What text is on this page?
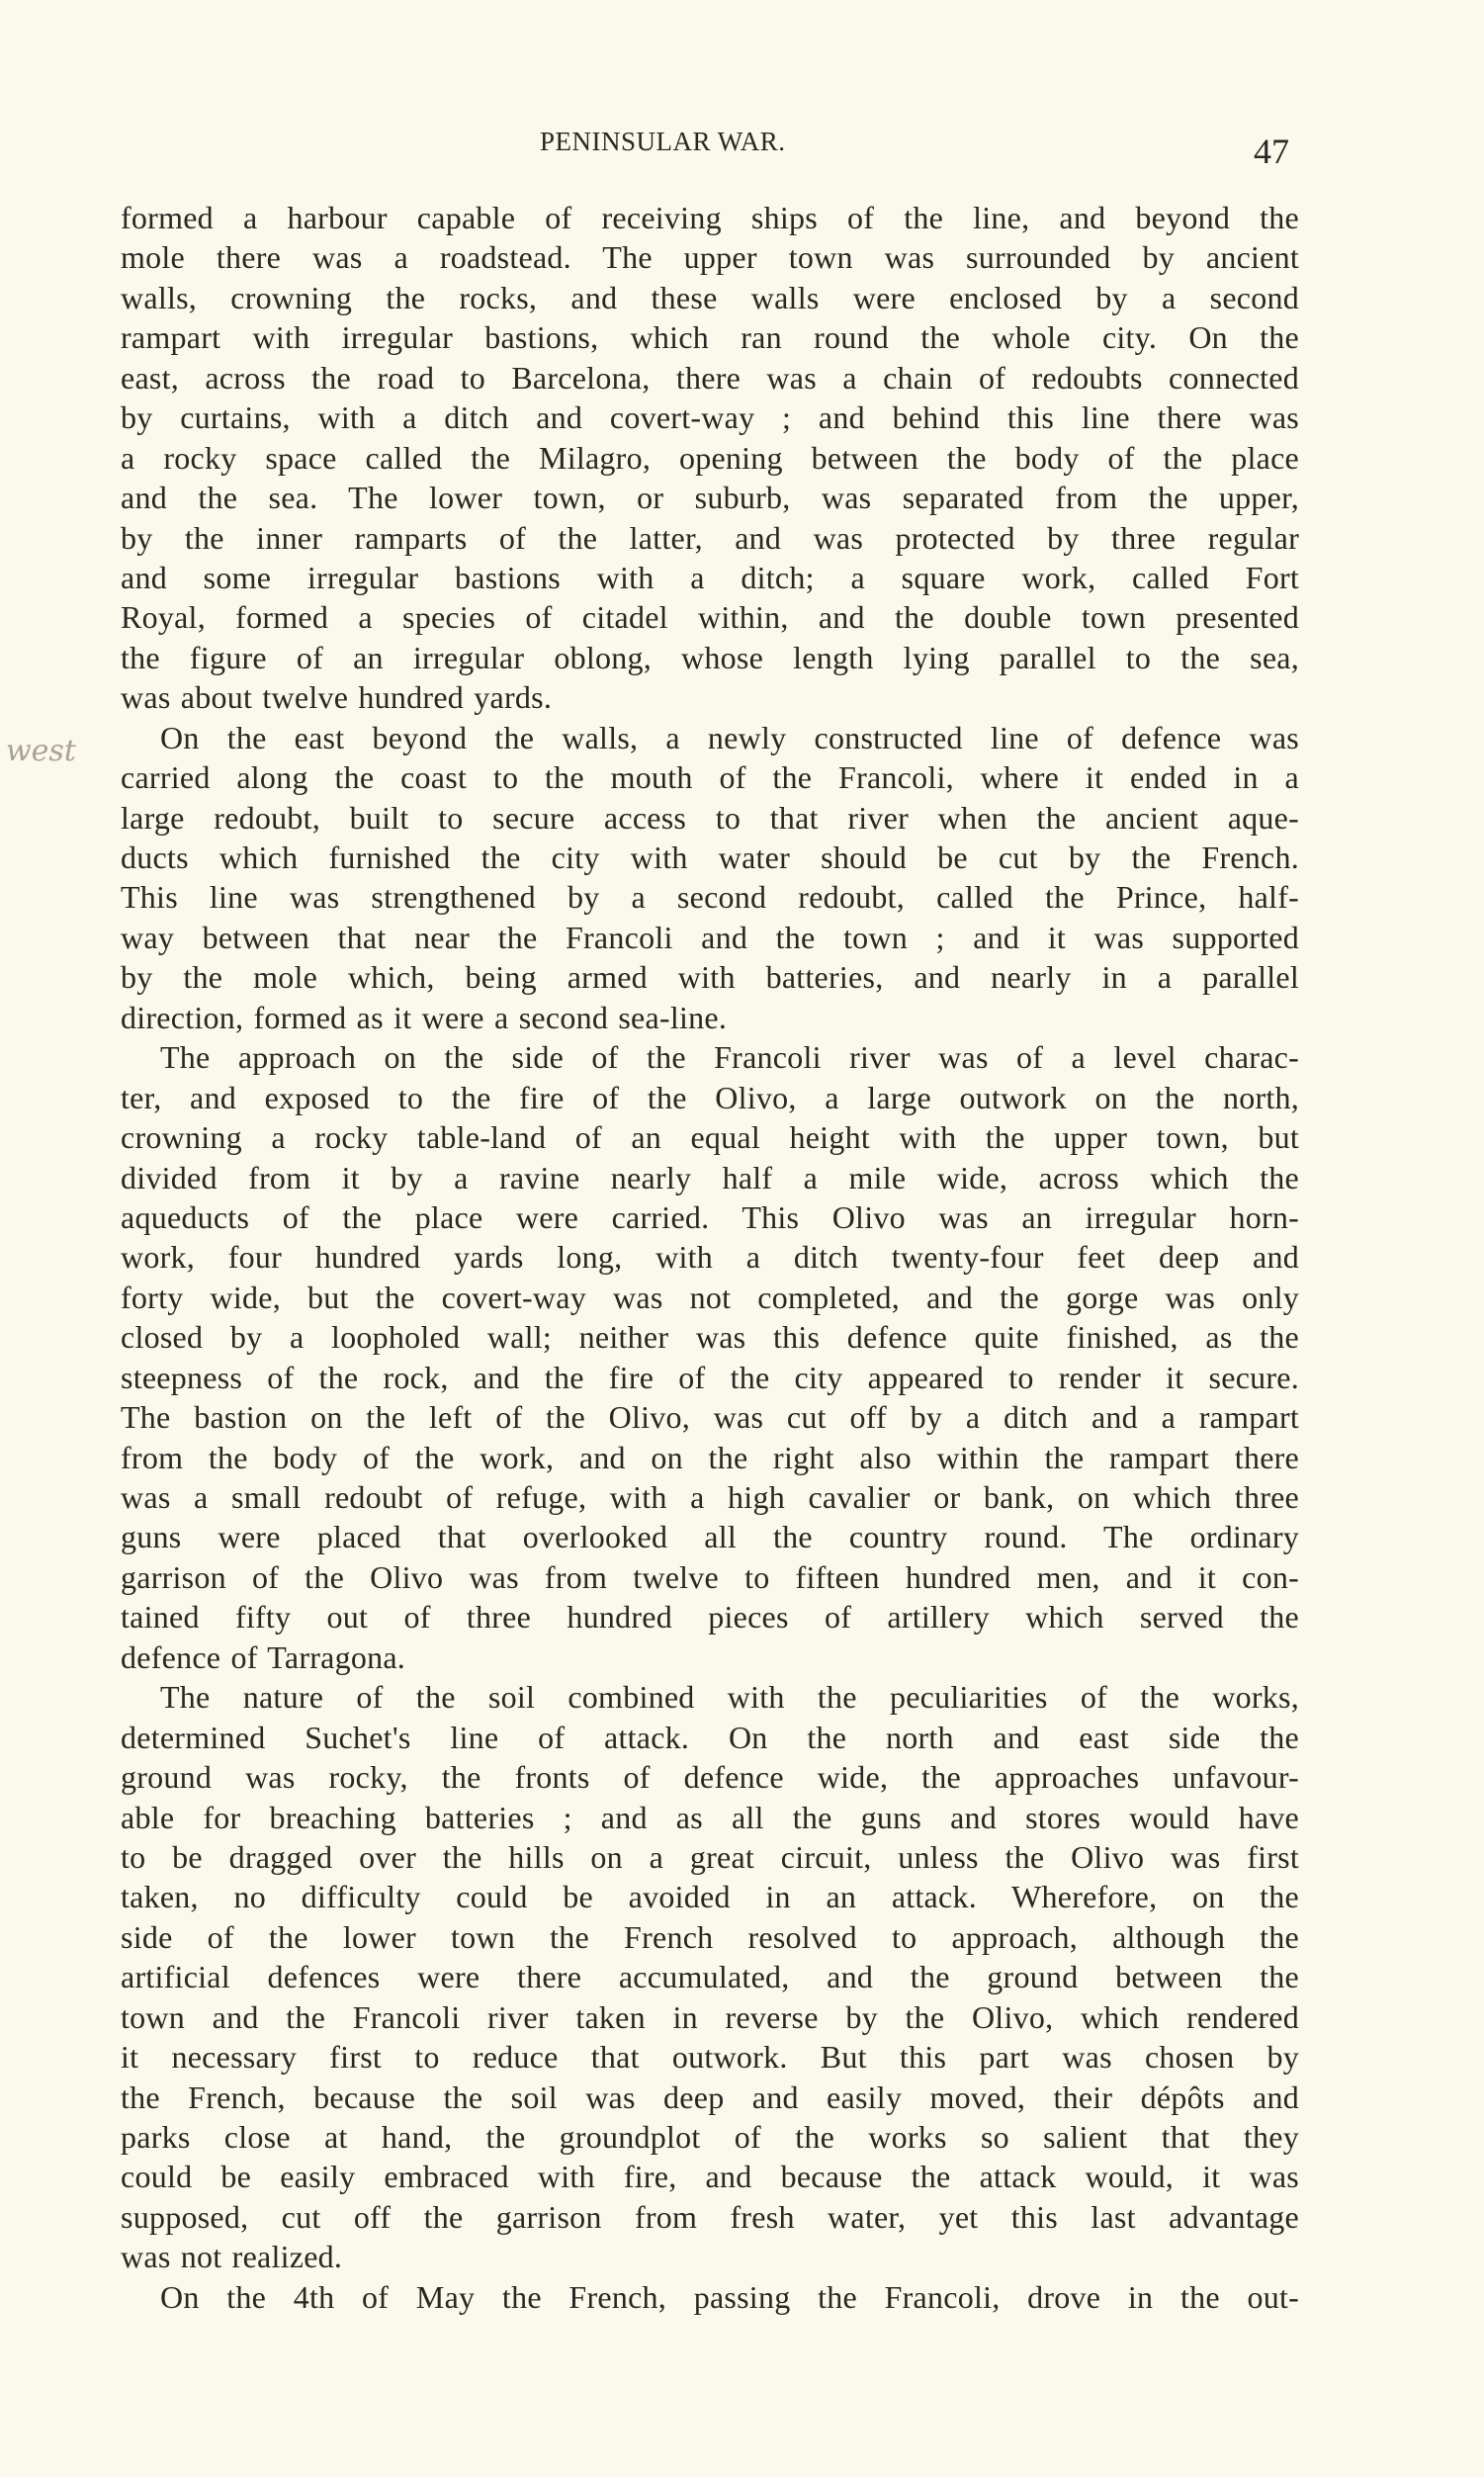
PENINSULAR WAR.	47
west
formed a harbour capable of receiving ships of the line, and beyond the
mole there was a roadstead. The upper town was surrounded by ancient
walls, crowning the rocks, and these walls were enclosed by a second
rampart with irregular bastions, which ran round the whole city. On the
east, across the road to Barcelona, there was a chain of redoubts connected
by curtains, with a ditch and covert-way ; and behind this line there was
a rocky space called the Milagro, opening between the body of the place
and the sea. The lower town, or suburb, was separated from the upper,
by the inner ramparts of the latter, and was protected by three regular
and some irregular bastions with a ditch; a square work, called Fort
Royal, formed a species of citadel within, and the double town presented
the figure of an irregular oblong, whose length lying parallel to the sea,
was about twelve hundred yards.
On the east beyond the walls, a newly constructed line of defence was
carried along the coast to the mouth of the Francoli, where it ended in a
large redoubt, built to secure access to that river when the ancient aque-
ducts which furnished the city with water should be cut by the French.
This line was strengthened by a second redoubt, called the Prince, half-
way between that near the Francoli and the town ; and it was supported
by the mole which, being armed with batteries, and nearly in a parallel
direction, formed as it were a second sea-line.
The approach on the side of the Francoli river was of a level charac-
ter, and exposed to the fire of the Olivo, a large outwork on the north,
crowning a rocky table-land of an equal height with the upper town, but
divided from it by a ravine nearly half a mile wide, across which the
aqueducts of the place were carried. This Olivo was an irregular horn-
work, four hundred yards long, with a ditch twenty-four feet deep and
forty wide, but the covert-way was not completed, and the gorge was only
closed by a loopholed wall; neither was this defence quite finished, as the
steepness of the rock, and the fire of the city appeared to render it secure.
The bastion on the left of the Olivo, was cut off by a ditch and a rampart
from the body of the work, and on the right also within the rampart there
was a small redoubt of refuge, with a high cavalier or bank, on which three
guns were placed that overlooked all the country round. The ordinary
garrison of the Olivo was from twelve to fifteen hundred men, and it con-
tained fifty out of three hundred pieces of artillery which served the
defence of Tarragona.
The nature of the soil combined with the peculiarities of the works,
determined Suchet's line of attack. On the north and east side the
ground was rocky, the fronts of defence wide, the approaches unfavour-
able for breaching batteries ; and as all the guns and stores would have
to be dragged over the hills on a great circuit, unless the Olivo was first
taken, no difficulty could be avoided in an attack. Wherefore, on the
side of the lower town the French resolved to approach, although the
artificial defences were there accumulated, and the ground between the
town and the Francoli river taken in reverse by the Olivo, which rendered
it necessary first to reduce that outwork. But this part was chosen by
the French, because the soil was deep and easily moved, their dépôts and
parks close at hand, the groundplot of the works so salient that they
could be easily embraced with fire, and because the attack would, it was
supposed, cut off the garrison from fresh water, yet this last advantage
was not realized.
On the 4th of May the French, passing the Francoli, drove in the out-
